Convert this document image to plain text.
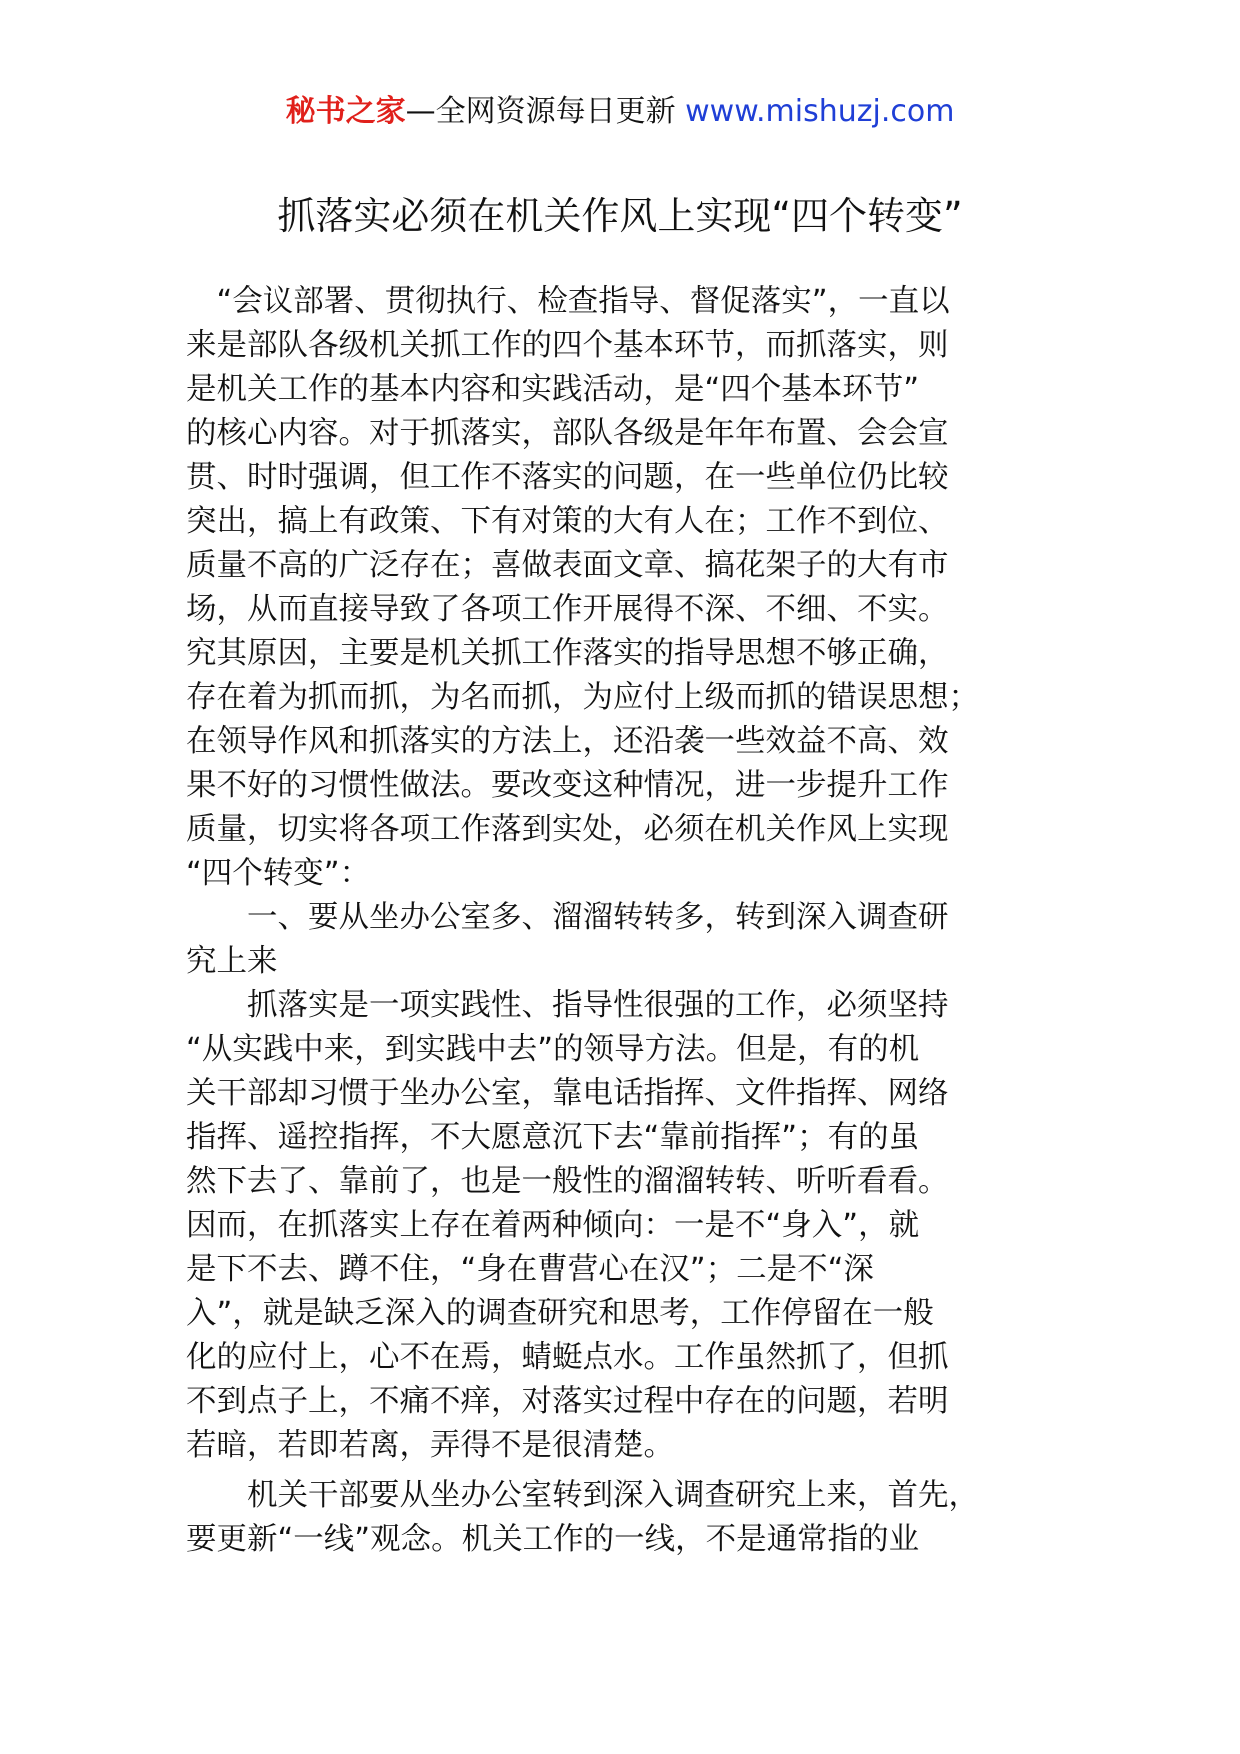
秘书之家—全网资源每日更新 www.mishuzj.com
抓落实必须在机关作风上实现“四个转变”

　“会议部署、贯彻执行、检查指导、督促落实”，一直以
来是部队各级机关抓工作的四个基本环节，而抓落实，则
是机关工作的基本内容和实践活动，是“四个基本环节”
的核心内容。对于抓落实，部队各级是年年布置、会会宣
贯、时时强调，但工作不落实的问题，在一些单位仍比较
突出，搞上有政策、下有对策的大有人在；工作不到位、
质量不高的广泛存在；喜做表面文章、搞花架子的大有市
场，从而直接导致了各项工作开展得不深、不细、不实。
究其原因，主要是机关抓工作落实的指导思想不够正确，
存在着为抓而抓，为名而抓，为应付上级而抓的错误思想；
在领导作风和抓落实的方法上，还沿袭一些效益不高、效
果不好的习惯性做法。要改变这种情况，进一步提升工作
质量，切实将各项工作落到实处，必须在机关作风上实现
“四个转变”：

　　一、要从坐办公室多、溜溜转转多，转到深入调查研
究上来

　　抓落实是一项实践性、指导性很强的工作，必须坚持
“从实践中来，到实践中去”的领导方法。但是，有的机
关干部却习惯于坐办公室，靠电话指挥、文件指挥、网络
指挥、遥控指挥，不大愿意沉下去“靠前指挥”；有的虽
然下去了、靠前了，也是一般性的溜溜转转、听听看看。
因而，在抓落实上存在着两种倾向：一是不“身入”，就
是下不去、蹲不住，“身在曹营心在汉”；二是不“深
入”，就是缺乏深入的调查研究和思考，工作停留在一般
化的应付上，心不在焉，蜻蜓点水。工作虽然抓了，但抓
不到点子上，不痛不痒，对落实过程中存在的问题，若明
若暗，若即若离，弄得不是很清楚。

　　机关干部要从坐办公室转到深入调查研究上来，首先，
要更新“一线”观念。机关工作的一线，不是通常指的业
